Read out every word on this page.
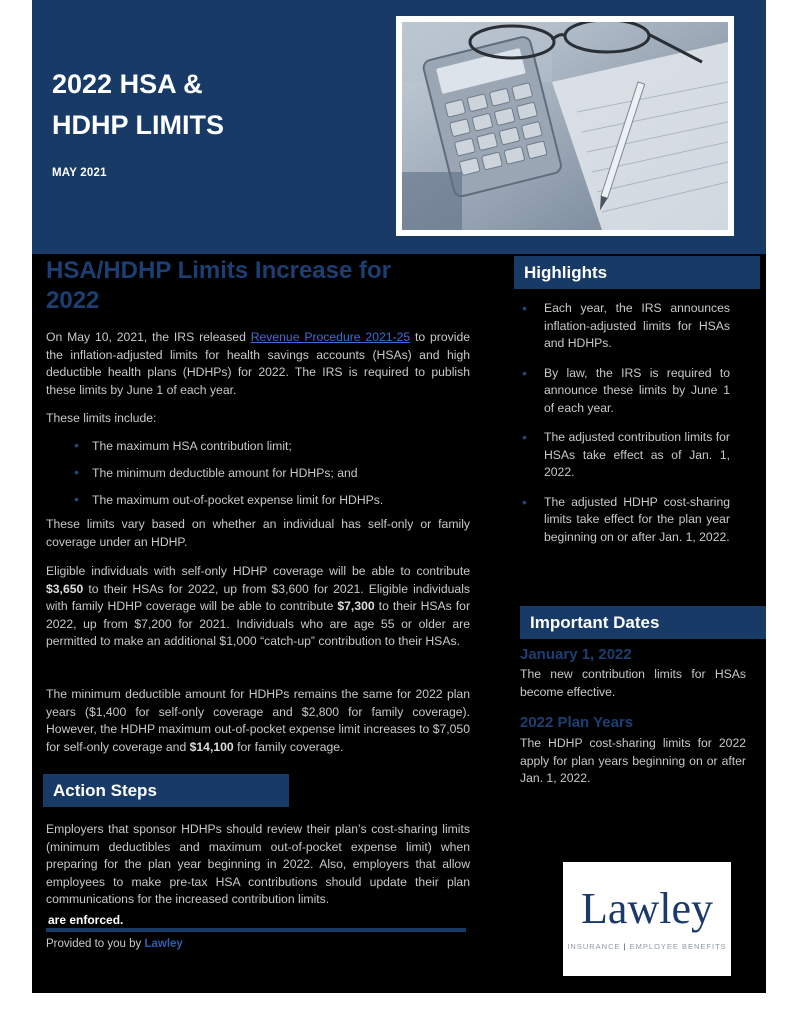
2022 HSA &
HDHP LIMITS
MAY 2021
HSA/HDHP Limits Increase for
2022
On May 10, 2021, the IRS released Revenue Procedure 2021-25 to provide the inflation-adjusted limits for health savings accounts (HSAs) and high deductible health plans (HDHPs) for 2022. The IRS is required to publish these limits by June 1 of each year.
These limits include:
• The maximum HSA contribution limit;
• The minimum deductible amount for HDHPs; and
• The maximum out-of-pocket expense limit for HDHPs.
These limits vary based on whether an individual has self-only or family coverage under an HDHP.
Eligible individuals with self-only HDHP coverage will be able to contribute $3,650 to their HSAs for 2022, up from $3,600 for 2021. Eligible individuals with family HDHP coverage will be able to contribute $7,300 to their HSAs for 2022, up from $7,200 for 2021. Individuals who are age 55 or older are permitted to make an additional $1,000 “catch-up” contribution to their HSAs.
The minimum deductible amount for HDHPs remains the same for 2022 plan years ($1,400 for self-only coverage and $2,800 for family coverage). However, the HDHP maximum out-of-pocket expense limit increases to $7,050 for self-only coverage and $14,100 for family coverage.
Action Steps
Employers that sponsor HDHPs should review their plan’s cost-sharing limits (minimum deductibles and maximum out-of-pocket expense limit) when preparing for the plan year beginning in 2022. Also, employers that allow employees to make pre-tax HSA contributions should update their plan communications for the increased contribution limits.
are enforced.
Provided to you by Lawley
Highlights
• Each year, the IRS announces inflation-adjusted limits for HSAs and HDHPs.
• By law, the IRS is required to announce these limits by June 1 of each year.
• The adjusted contribution limits for HSAs take effect as of Jan. 1, 2022.
• The adjusted HDHP cost-sharing limits take effect for the plan year beginning on or after Jan. 1, 2022.
Important Dates
January 1, 2022
The new contribution limits for HSAs become effective.
2022 Plan Years
The HDHP cost-sharing limits for 2022 apply for plan years beginning on or after Jan. 1, 2022.
Lawley
INSURANCE | EMPLOYEE BENEFITS
